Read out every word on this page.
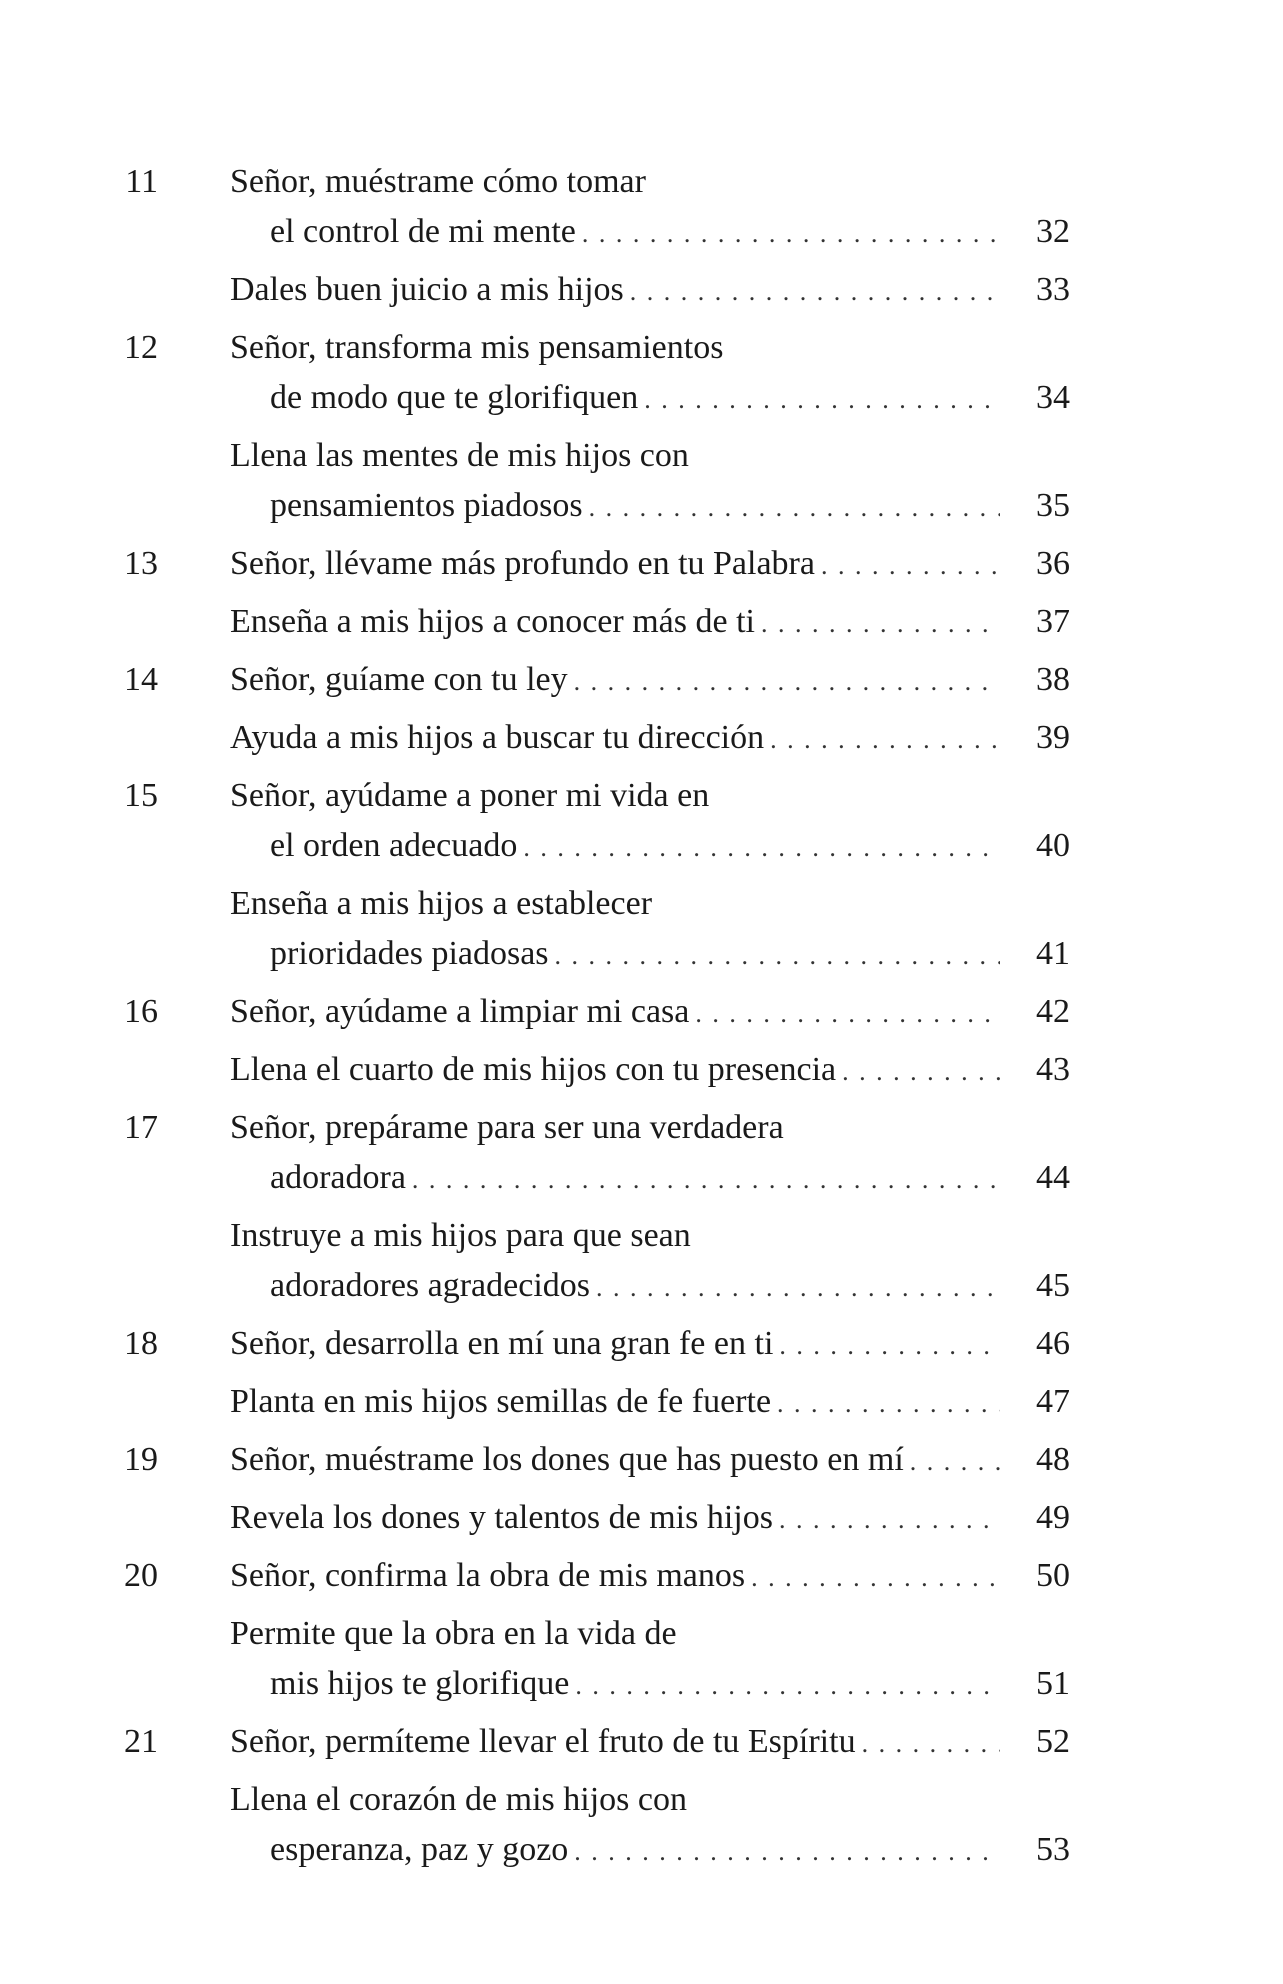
11 Señor, muéstrame cómo tomar
el control de mi mente . . .	32
Dales buen juicio a mis hijos . . .	33
12 Señor, transforma mis pensamientos
de modo que te glorifiquen . . .	34
Llena las mentes de mis hijos con
pensamientos piadosos . . .	35
13 Señor, llévame más profundo en tu Palabra . . .	36
Enseña a mis hijos a conocer más de ti . . .	37
14 Señor, guíame con tu ley . . .	38
Ayuda a mis hijos a buscar tu dirección . . .	39
15 Señor, ayúdame a poner mi vida en
el orden adecuado . . .	40
Enseña a mis hijos a establecer
prioridades piadosas . . .	41
16 Señor, ayúdame a limpiar mi casa . . .	42
Llena el cuarto de mis hijos con tu presencia . . .	43
17 Señor, prepárame para ser una verdadera
adoradora . . .	44
Instruye a mis hijos para que sean
adoradores agradecidos . . .	45
18 Señor, desarrolla en mí una gran fe en ti . . .	46
Planta en mis hijos semillas de fe fuerte . . .	47
19 Señor, muéstrame los dones que has puesto en mí . . .	48
Revela los dones y talentos de mis hijos . . .	49
20 Señor, confirma la obra de mis manos . . .	50
Permite que la obra en la vida de
mis hijos te glorifique . . .	51
21 Señor, permíteme llevar el fruto de tu Espíritu . . .	52
Llena el corazón de mis hijos con
esperanza, paz y gozo . . .	53
